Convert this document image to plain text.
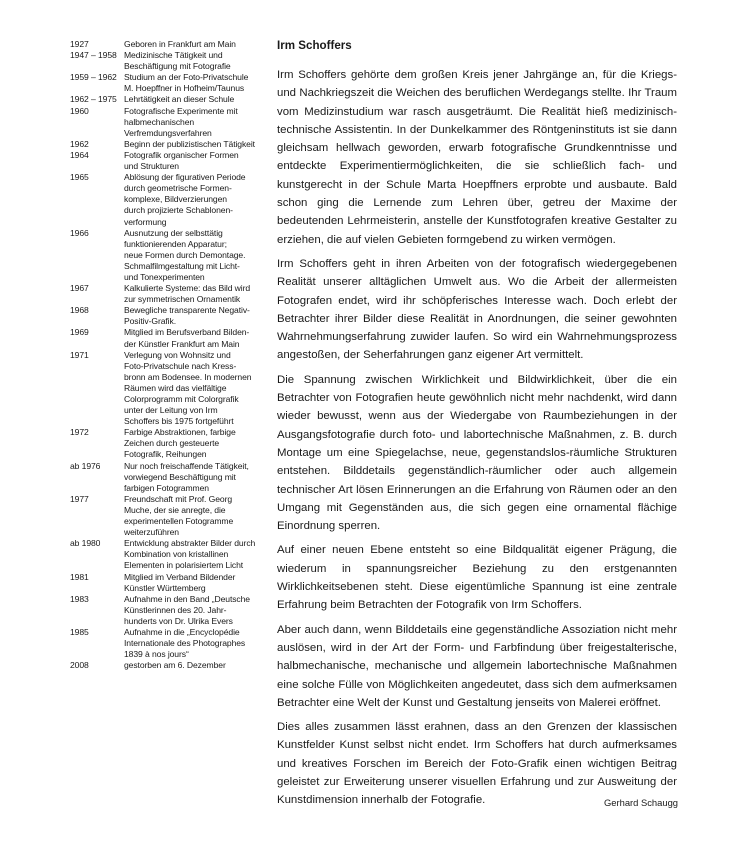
1927	Geboren in Frankfurt am Main
1947 – 1958 Medizinische Tätigkeit und
Beschäftigung mit Fotografie
1959 – 1962 Studium an der Foto-Privatschule
M. Hoepffner in Hofheim/Taunus
1962 – 1975 Lehrtätigkeit an dieser Schule
1960	Fotografische Experimente mit
halbmechanischen
Verfremdungsverfahren
1962	Beginn der publizistischen Tätigkeit
1964	Fotografik organischer Formen
und Strukturen
1965	Ablösung der figurativen Periode
durch geometrische Formen-
komplexe, Bildverzierungen
durch projizierte Schablonen-
verformung
1966	Ausnutzung der selbsttätig
funktionierenden Apparatur;
neue Formen durch Demontage.
Schmalfilmgestaltung mit Licht-
und Tonexperimenten
1967	Kalkulierte Systeme: das Bild wird
zur symmetrischen Ornamentik
1968	Bewegliche transparente Negativ-
Positiv-Grafik.
1969	Mitglied im Berufsverband Bilden-
der Künstler Frankfurt am Main
1971	Verlegung von Wohnsitz und
Foto-Privatschule nach Kress-
bronn am Bodensee. In modernen
Räumen wird das vielfältige
Colorprogramm mit Colorgrafik
unter der Leitung von Irm
Schoffers bis 1975 fortgeführt
1972	Farbige Abstraktionen, farbige
Zeichen durch gesteuerte
Fotografik, Reihungen
ab 1976	Nur noch freischaffende Tätigkeit,
vorwiegend Beschäftigung mit
farbigen Fotogrammen
1977	Freundschaft mit Prof. Georg
Muche, der sie anregte, die
experimentellen Fotogramme
weiterzuführen
ab 1980	Entwicklung abstrakter Bilder durch
Kombination von kristallinen
Elementen in polarisiertem Licht
1981	Mitglied im Verband Bildender
Künstler Württemberg
1983	Aufnahme in den Band „Deutsche
Künstlerinnen des 20. Jahr-
hunderts von Dr. Ulrika Evers
1985	Aufnahme in die „Encyclopédie
Internationale des Photographes
1839 à nos jours“
2008	gestorben am 6. Dezember
Irm Schoffers

Irm Schoffers gehörte dem großen Kreis jener Jahrgänge an, für die Kriegs- und Nachkriegszeit die Weichen des beruflichen Werdegangs stellte. Ihr Traum vom Medizinstudium war rasch ausgeträumt. Die Realität hieß medizinisch-technische Assistentin. In der Dunkelkammer des Röntgeninstituts ist sie dann gleichsam hellwach geworden, erwarb fotografische Grundkenntnisse und entdeckte Experimentiermöglichkeiten, die sie schließlich fach- und kunstgerecht in der Schule Marta Hoepffners erprobte und ausbaute. Bald schon ging die Lernende zum Lehren über, getreu der Maxime der bedeutenden Lehrmeisterin, anstelle der Kunstfotografen kreative Gestalter zu erziehen, die auf vielen Gebieten formgebend zu wirken vermögen.

Irm Schoffers geht in ihren Arbeiten von der fotografisch wiedergegebenen Realität unserer alltäglichen Umwelt aus. Wo die Arbeit der allermeisten Fotografen endet, wird ihr schöpferisches Interesse wach. Doch erlebt der Betrachter ihrer Bilder diese Realität in Anordnungen, die seiner gewohnten Wahrnehmungserfahrung zuwider laufen. So wird ein Wahrnehmungsprozess angestoßen, der Seherfahrungen ganz eigener Art vermittelt.

Die Spannung zwischen Wirklichkeit und Bildwirklichkeit, über die ein Betrachter von Fotografien heute gewöhnlich nicht mehr nachdenkt, wird dann wieder bewusst, wenn aus der Wiedergabe von Raumbeziehungen in der Ausgangsfotografie durch foto- und labortechnische Maßnahmen, z. B. durch Montage um eine Spiegelachse, neue, gegenstandslos-räumliche Strukturen entstehen. Bilddetails gegenständlich-räumlicher oder auch allgemein technischer Art lösen Erinnerungen an die Erfahrung von Räumen oder an den Umgang mit Gegenständen aus, die sich gegen eine ornamental flächige Einordnung sperren.

Auf einer neuen Ebene entsteht so eine Bildqualität eigener Prägung, die wiederum in spannungsreicher Beziehung zu den erstgenannten Wirklichkeitsebenen steht. Diese eigentümliche Spannung ist eine zentrale Erfahrung beim Betrachten der Fotografik von Irm Schoffers.

Aber auch dann, wenn Bilddetails eine gegenständliche Assoziation nicht mehr auslösen, wird in der Art der Form- und Farbfindung über freigestalterische, halbmechanische, mechanische und allgemein labortechnische Maßnahmen eine solche Fülle von Möglichkeiten angedeutet, dass sich dem aufmerksamen Betrachter eine Welt der Kunst und Gestaltung jenseits von Malerei eröffnet.

Dies alles zusammen lässt erahnen, dass an den Grenzen der klassischen Kunstfelder Kunst selbst nicht endet. Irm Schoffers hat durch aufmerksames und kreatives Forschen im Bereich der Foto-Grafik einen wichtigen Beitrag geleistet zur Erweiterung unserer visuellen Erfahrung und zur Ausweitung der Kunstdimension innerhalb der Fotografie.	Gerhard Schaugg
